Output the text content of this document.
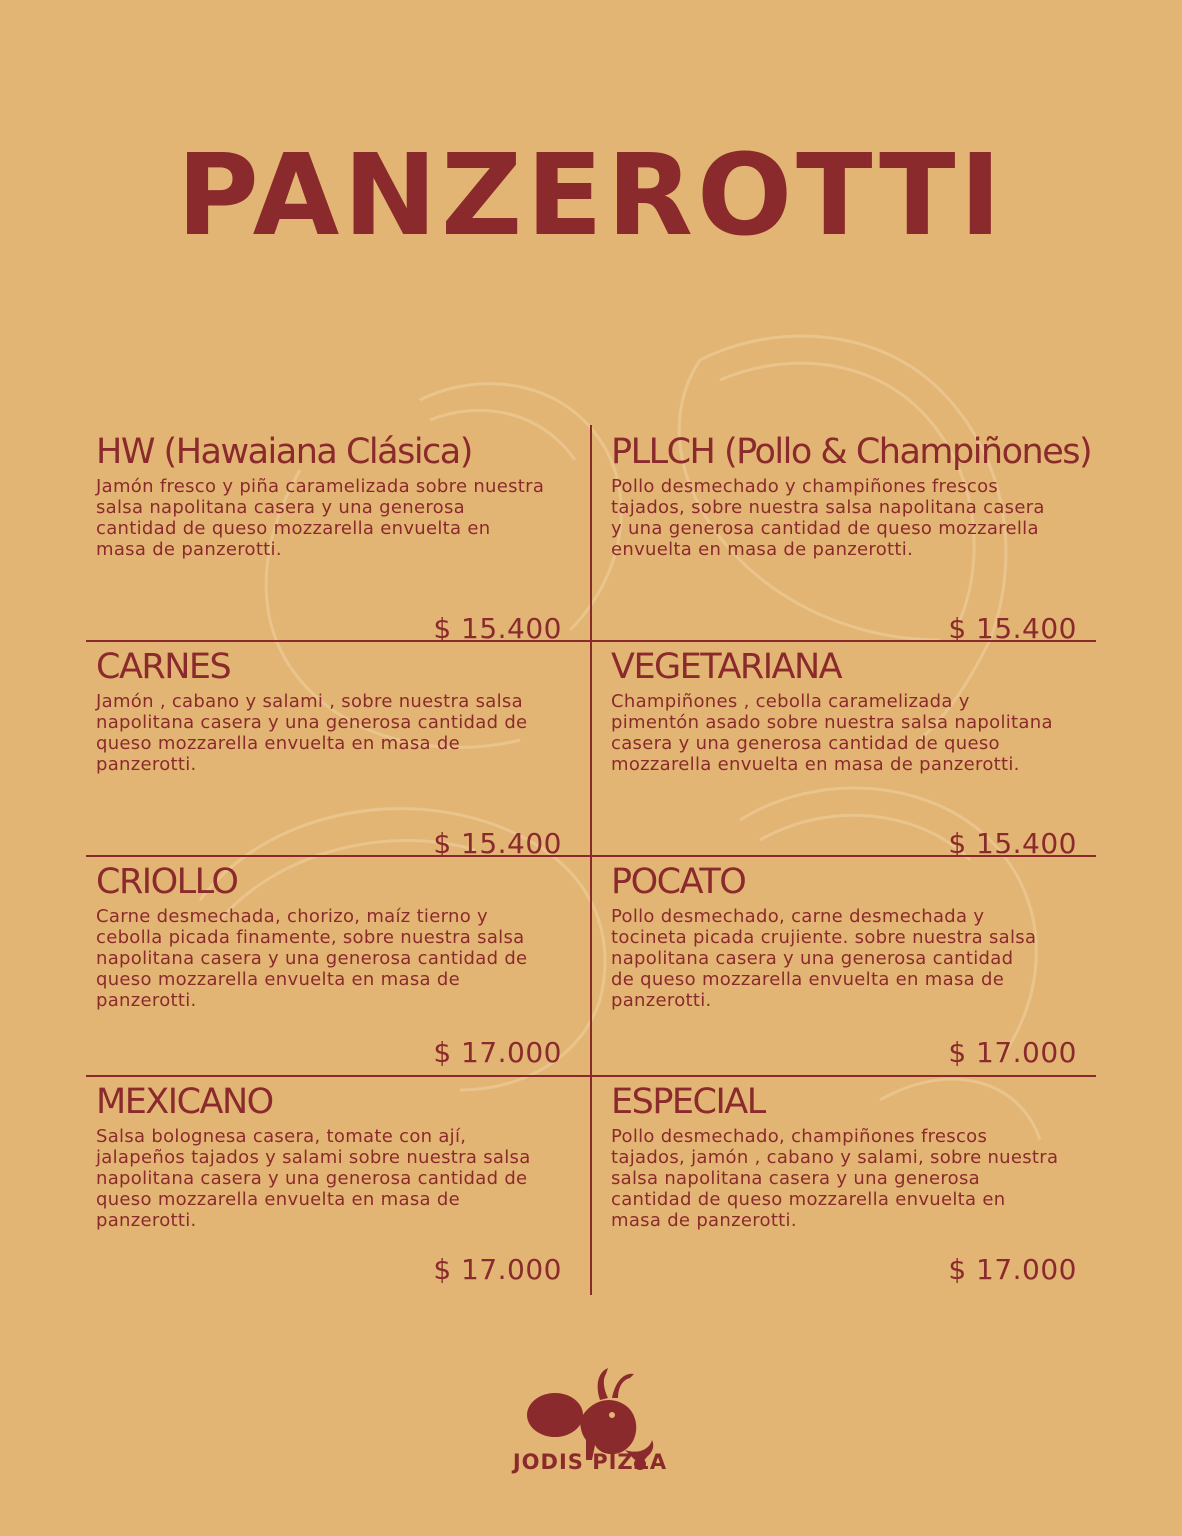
PANZEROTTI
HW (Hawaiana Clásica)
Jamón fresco y piña caramelizada sobre nuestra
salsa napolitana casera y una generosa
cantidad de queso mozzarella envuelta en
masa de panzerotti.
$ 15.400
PLLCH (Pollo & Champiñones)
Pollo desmechado y champiñones frescos
tajados, sobre nuestra salsa napolitana casera
y una generosa cantidad de queso mozzarella
envuelta en masa de panzerotti.
$ 15.400
CARNES
Jamón , cabano y salami , sobre nuestra salsa
napolitana casera y una generosa cantidad de
queso mozzarella envuelta en masa de
panzerotti.
$ 15.400
VEGETARIANA
Champiñones , cebolla caramelizada y
pimentón asado sobre nuestra salsa napolitana
casera y una generosa cantidad de queso
mozzarella envuelta en masa de panzerotti.
$ 15.400
CRIOLLO
Carne desmechada, chorizo, maíz tierno y
cebolla picada finamente, sobre nuestra salsa
napolitana casera y una generosa cantidad de
queso mozzarella envuelta en masa de
panzerotti.
$ 17.000
POCATO
Pollo desmechado, carne desmechada y
tocineta picada crujiente. sobre nuestra salsa
napolitana casera y una generosa cantidad
de queso mozzarella envuelta en masa de
panzerotti.
$ 17.000
MEXICANO
Salsa bolognesa casera, tomate con ají,
jalapeños tajados y salami sobre nuestra salsa
napolitana casera y una generosa cantidad de
queso mozzarella envuelta en masa de
panzerotti.
$ 17.000
ESPECIAL
Pollo desmechado, champiñones frescos
tajados, jamón , cabano y salami, sobre nuestra
salsa napolitana casera y una generosa
cantidad de queso mozzarella envuelta en
masa de panzerotti.
$ 17.000
JODIS PIZZA
